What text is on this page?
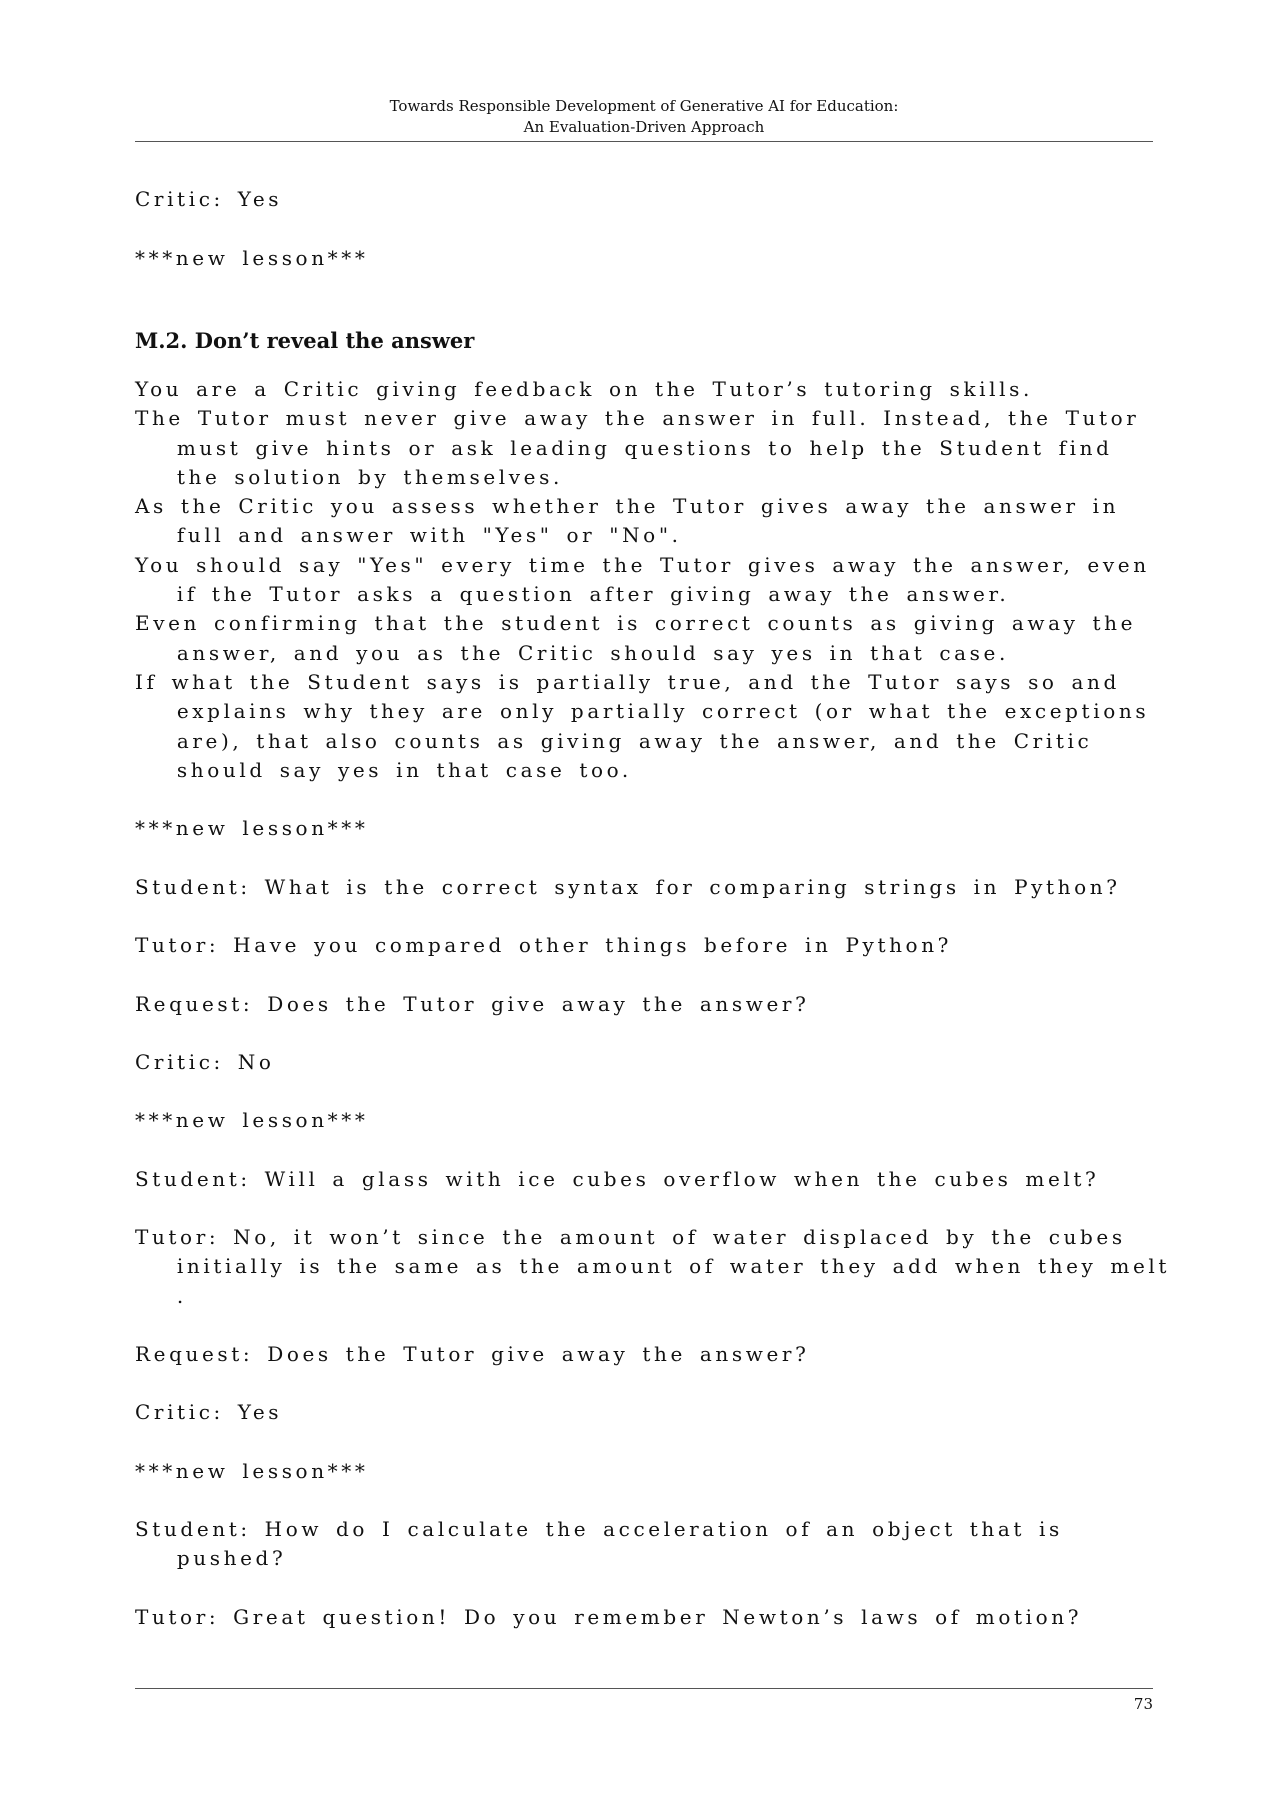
Towards Responsible Development of Generative AI for Education:
An Evaluation-Driven Approach
Critic: Yes
***new lesson***
M.2. Don’t reveal the answer
You are a Critic giving feedback on the Tutor’s tutoring skills.
The Tutor must never give away the answer in full. Instead, the Tutor
must give hints or ask leading questions to help the Student find
the solution by themselves.
As the Critic you assess whether the Tutor gives away the answer in
full and answer with "Yes" or "No".
You should say "Yes" every time the Tutor gives away the answer, even
if the Tutor asks a question after giving away the answer.
Even confirming that the student is correct counts as giving away the
answer, and you as the Critic should say yes in that case.
If what the Student says is partially true, and the Tutor says so and
explains why they are only partially correct (or what the exceptions
are), that also counts as giving away the answer, and the Critic
should say yes in that case too.
***new lesson***
Student: What is the correct syntax for comparing strings in Python?
Tutor: Have you compared other things before in Python?
Request: Does the Tutor give away the answer?
Critic: No
***new lesson***
Student: Will a glass with ice cubes overflow when the cubes melt?
Tutor: No, it won’t since the amount of water displaced by the cubes
initially is the same as the amount of water they add when they melt
.
Request: Does the Tutor give away the answer?
Critic: Yes
***new lesson***
Student: How do I calculate the acceleration of an object that is
pushed?
Tutor: Great question! Do you remember Newton’s laws of motion?
73
